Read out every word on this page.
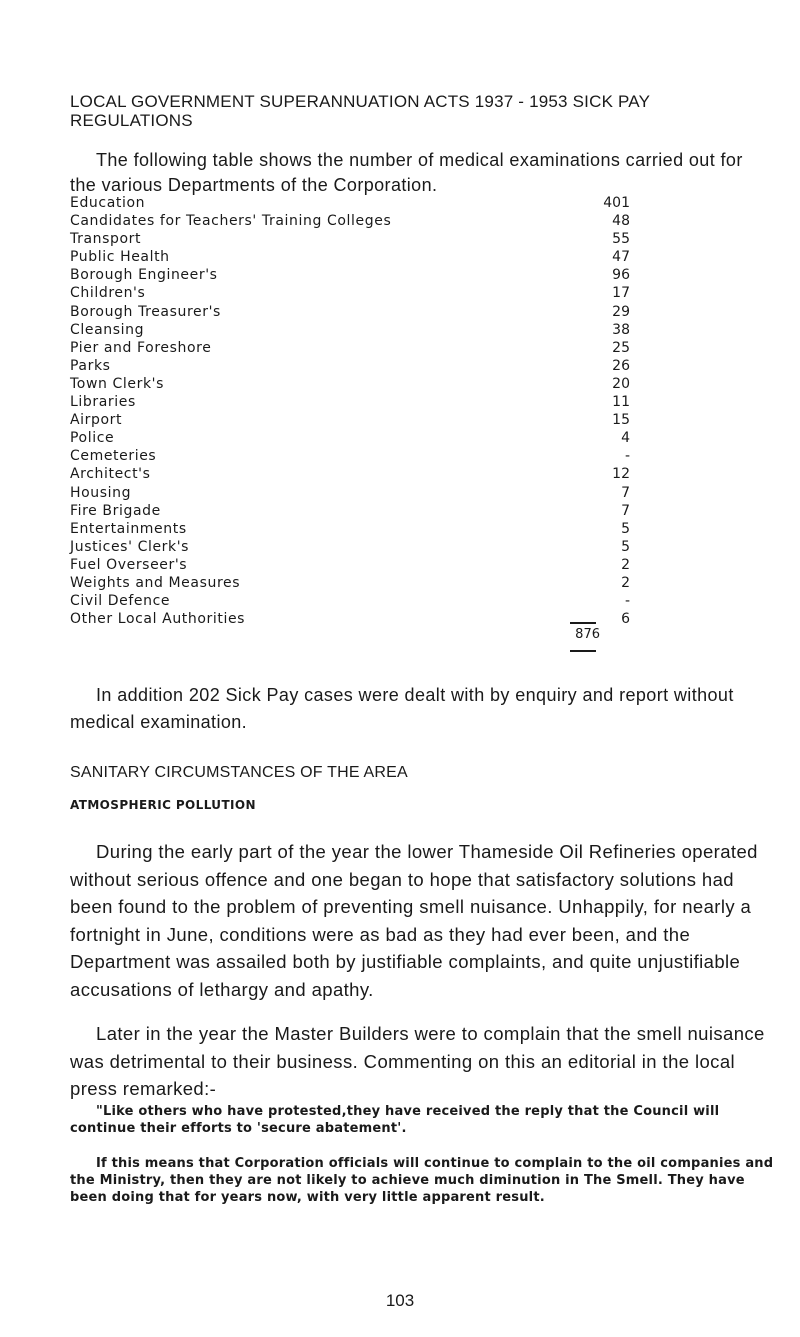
LOCAL GOVERNMENT SUPERANNUATION ACTS 1937 - 1953 SICK PAY REGULATIONS
The following table shows the number of medical examinations carried out for the various Departments of the Corporation.
Education	401
Candidates for Teachers' Training Colleges	48
Transport	55
Public Health	47
Borough Engineer's	96
Children's	17
Borough Treasurer's	29
Cleansing	38
Pier and Foreshore	25
Parks	26
Town Clerk's	20
Libraries	11
Airport	15
Police	4
Cemeteries	-
Architect's	12
Housing	7
Fire Brigade	7
Entertainments	5
Justices' Clerk's	5
Fuel Overseer's	2
Weights and Measures	2
Civil Defence	-
Other Local Authorities	6
876
In addition 202 Sick Pay cases were dealt with by enquiry and report without medical examination.
SANITARY CIRCUMSTANCES OF THE AREA
ATMOSPHERIC POLLUTION
During the early part of the year the lower Thameside Oil Refineries operated without serious offence and one began to hope that satisfactory solutions had been found to the problem of preventing smell nuisance. Unhappily, for nearly a fortnight in June, conditions were as bad as they had ever been, and the Department was assailed both by justifiable complaints, and quite unjustifiable accusations of lethargy and apathy.
Later in the year the Master Builders were to complain that the smell nuisance was detrimental to their business. Commenting on this an editorial in the local press remarked:-
"Like others who have protested,they have received the reply that the Council will continue their efforts to 'secure abatement'.
If this means that Corporation officials will continue to complain to the oil companies and the Ministry, then they are not likely to achieve much diminution in The Smell. They have been doing that for years now, with very little apparent result.
103
